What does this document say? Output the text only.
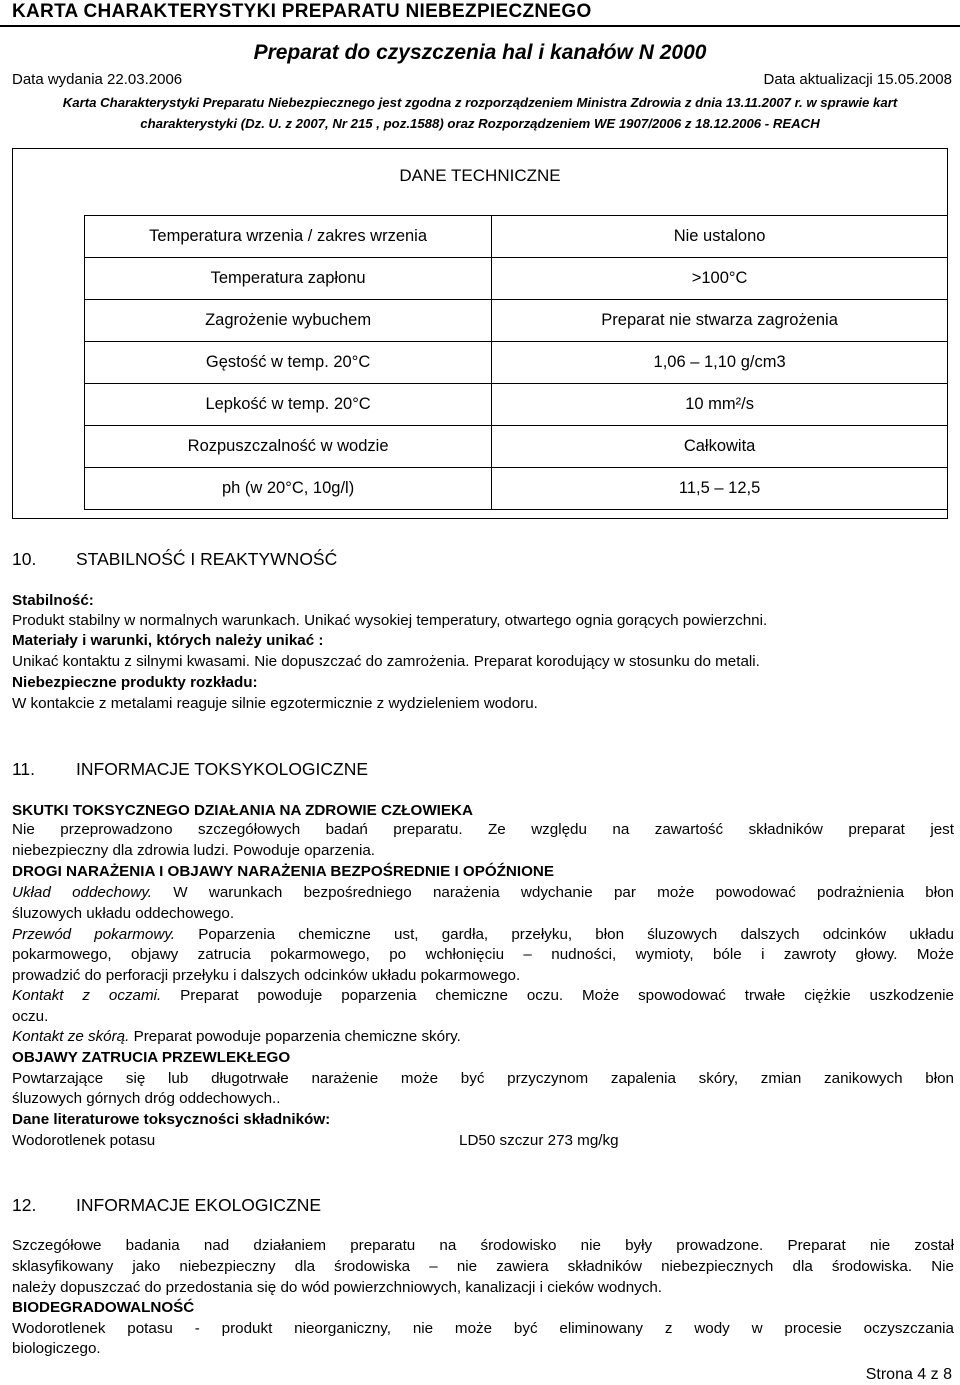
KARTA CHARAKTERYSTYKI PREPARATU NIEBEZPIECZNEGO
Preparat do czyszczenia hal i kanałów N 2000
Data wydania 22.03.2006	Data aktualizacji 15.05.2008
Karta Charakterystyki Preparatu Niebezpiecznego jest zgodna z rozporządzeniem Ministra Zdrowia z dnia 13.11.2007 r. w sprawie kart
charakterystyki (Dz. U. z 2007, Nr 215 , poz.1588) oraz Rozporządzeniem WE 1907/2006 z 18.12.2006 - REACH
DANE TECHNICZNE
Temperatura wrzenia / zakres wrzenia	Nie ustalono
Temperatura zapłonu	>100°C
Zagrożenie wybuchem	Preparat nie stwarza zagrożenia
Gęstość w temp. 20°C	1,06 – 1,10 g/cm3
Lepkość w temp. 20°C	10 mm²/s
Rozpuszczalność w wodzie	Całkowita
ph (w 20°C, 10g/l)	11,5 – 12,5
10. STABILNOŚĆ I REAKTYWNOŚĆ
Stabilność:
Produkt stabilny w normalnych warunkach. Unikać wysokiej temperatury, otwartego ognia gorących powierzchni.
Materiały i warunki, których należy unikać :
Unikać kontaktu z silnymi kwasami. Nie dopuszczać do zamrożenia. Preparat korodujący w stosunku do metali.
Niebezpieczne produkty rozkładu:
W kontakcie z metalami reaguje silnie egzotermicznie z wydzieleniem wodoru.
11. INFORMACJE TOKSYKOLOGICZNE
SKUTKI TOKSYCZNEGO DZIAŁANIA NA ZDROWIE CZŁOWIEKA
Nie przeprowadzono szczegółowych badań preparatu. Ze względu na zawartość składników preparat jest
niebezpieczny dla zdrowia ludzi. Powoduje oparzenia.
DROGI NARAŻENIA I OBJAWY NARAŻENIA BEZPOŚREDNIE I OPÓŹNIONE
Układ oddechowy. W warunkach bezpośredniego narażenia wdychanie par może powodować podrażnienia błon
śluzowych układu oddechowego.
Przewód pokarmowy. Poparzenia chemiczne ust, gardła, przełyku, błon śluzowych dalszych odcinków układu
pokarmowego, objawy zatrucia pokarmowego, po wchłonięciu – nudności, wymioty, bóle i zawroty głowy. Może
prowadzić do perforacji przełyku i dalszych odcinków układu pokarmowego.
Kontakt z oczami. Preparat powoduje poparzenia chemiczne oczu. Może spowodować trwałe ciężkie uszkodzenie
oczu.
Kontakt ze skórą. Preparat powoduje poparzenia chemiczne skóry.
OBJAWY ZATRUCIA PRZEWLEKŁEGO
Powtarzające się lub długotrwałe narażenie może być przyczynom zapalenia skóry, zmian zanikowych błon
śluzowych górnych dróg oddechowych..
Dane literaturowe toksyczności składników:
Wodorotlenek potasu	LD50 szczur 273 mg/kg
12. INFORMACJE EKOLOGICZNE
Szczegółowe badania nad działaniem preparatu na środowisko nie były prowadzone. Preparat nie został
sklasyfikowany jako niebezpieczny dla środowiska – nie zawiera składników niebezpiecznych dla środowiska. Nie
należy dopuszczać do przedostania się do wód powierzchniowych, kanalizacji i cieków wodnych.
BIODEGRADOWALNOŚĆ
Wodorotlenek potasu - produkt nieorganiczny, nie może być eliminowany z wody w procesie oczyszczania
biologiczego.
Strona 4 z 8
